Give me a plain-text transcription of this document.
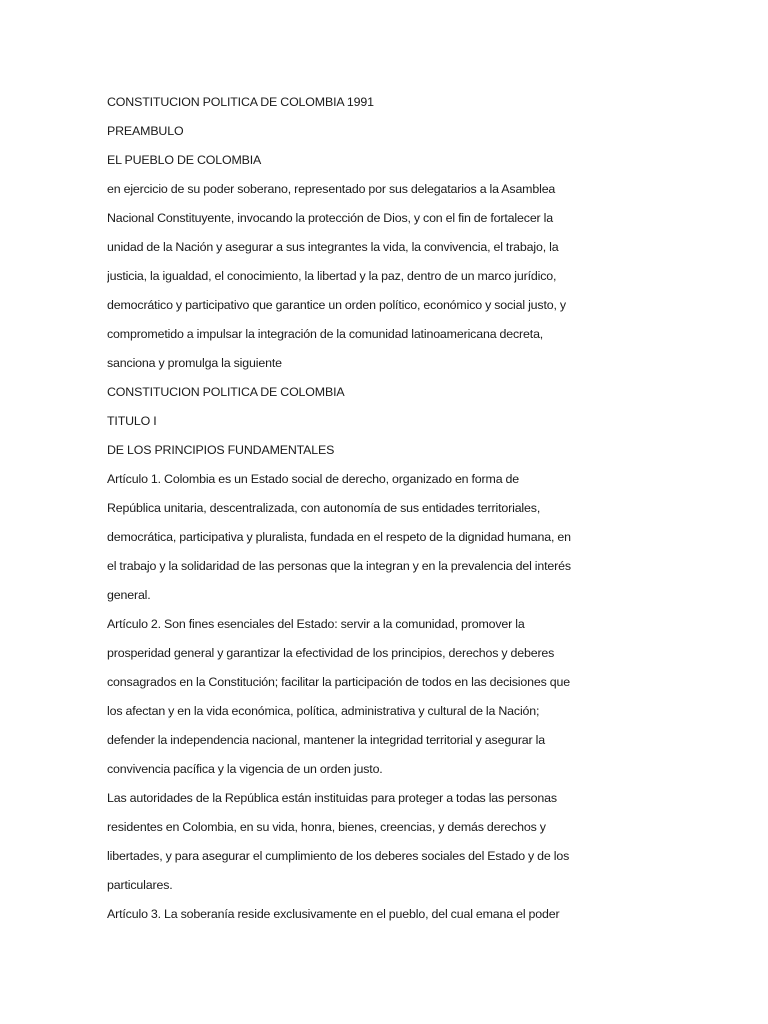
CONSTITUCION POLITICA DE COLOMBIA 1991
PREAMBULO
EL PUEBLO DE COLOMBIA
en ejercicio de su poder soberano, representado por sus delegatarios a la Asamblea
Nacional Constituyente, invocando la protección de Dios, y con el fin de fortalecer la
unidad de la Nación y asegurar a sus integrantes la vida, la convivencia, el trabajo, la
justicia, la igualdad, el conocimiento, la libertad y la paz, dentro de un marco jurídico,
democrático y participativo que garantice un orden político, económico y social justo, y
comprometido a impulsar la integración de la comunidad latinoamericana decreta,
sanciona y promulga la siguiente
CONSTITUCION POLITICA DE COLOMBIA
TITULO I
DE LOS PRINCIPIOS FUNDAMENTALES
Artículo 1. Colombia es un Estado social de derecho, organizado en forma de
República unitaria, descentralizada, con autonomía de sus entidades territoriales,
democrática, participativa y pluralista, fundada en el respeto de la dignidad humana, en
el trabajo y la solidaridad de las personas que la integran y en la prevalencia del interés
general.
Artículo 2. Son fines esenciales del Estado: servir a la comunidad, promover la
prosperidad general y garantizar la efectividad de los principios, derechos y deberes
consagrados en la Constitución; facilitar la participación de todos en las decisiones que
los afectan y en la vida económica, política, administrativa y cultural de la Nación;
defender la independencia nacional, mantener la integridad territorial y asegurar la
convivencia pacífica y la vigencia de un orden justo.
Las autoridades de la República están instituidas para proteger a todas las personas
residentes en Colombia, en su vida, honra, bienes, creencias, y demás derechos y
libertades, y para asegurar el cumplimiento de los deberes sociales del Estado y de los
particulares.
Artículo 3. La soberanía reside exclusivamente en el pueblo, del cual emana el poder
